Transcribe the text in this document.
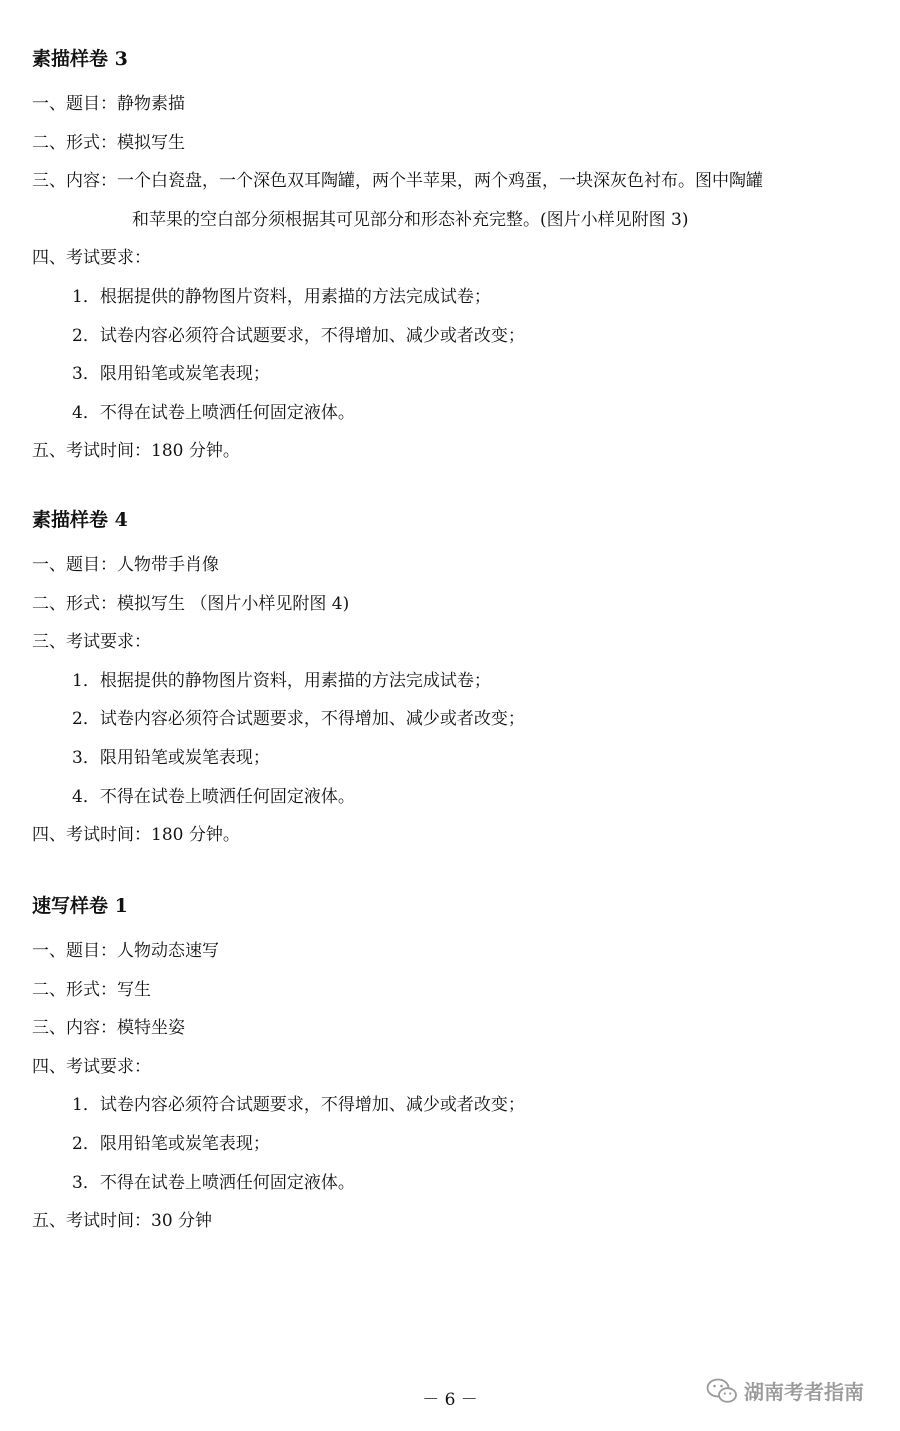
素描样卷 3
一、题目：静物素描
二、形式：模拟写生
三、内容：一个白瓷盘，一个深色双耳陶罐，两个半苹果，两个鸡蛋，一块深灰色衬布。图中陶罐
和苹果的空白部分须根据其可见部分和形态补充完整。(图片小样见附图 3)
四、考试要求：
1．根据提供的静物图片资料，用素描的方法完成试卷；
2．试卷内容必须符合试题要求，不得增加、减少或者改变；
3．限用铅笔或炭笔表现；
4．不得在试卷上喷洒任何固定液体。
五、考试时间：180 分钟。
素描样卷 4
一、题目：人物带手肖像
二、形式：模拟写生 （图片小样见附图 4)
三、考试要求：
1．根据提供的静物图片资料，用素描的方法完成试卷；
2．试卷内容必须符合试题要求，不得增加、减少或者改变；
3．限用铅笔或炭笔表现；
4．不得在试卷上喷洒任何固定液体。
四、考试时间：180 分钟。
速写样卷 1
一、题目：人物动态速写
二、形式：写生
三、内容：模特坐姿
四、考试要求：
1．试卷内容必须符合试题要求，不得增加、减少或者改变；
2．限用铅笔或炭笔表现；
3．不得在试卷上喷洒任何固定液体。
五、考试时间：30 分钟
－ 6 －	湖南考者指南
